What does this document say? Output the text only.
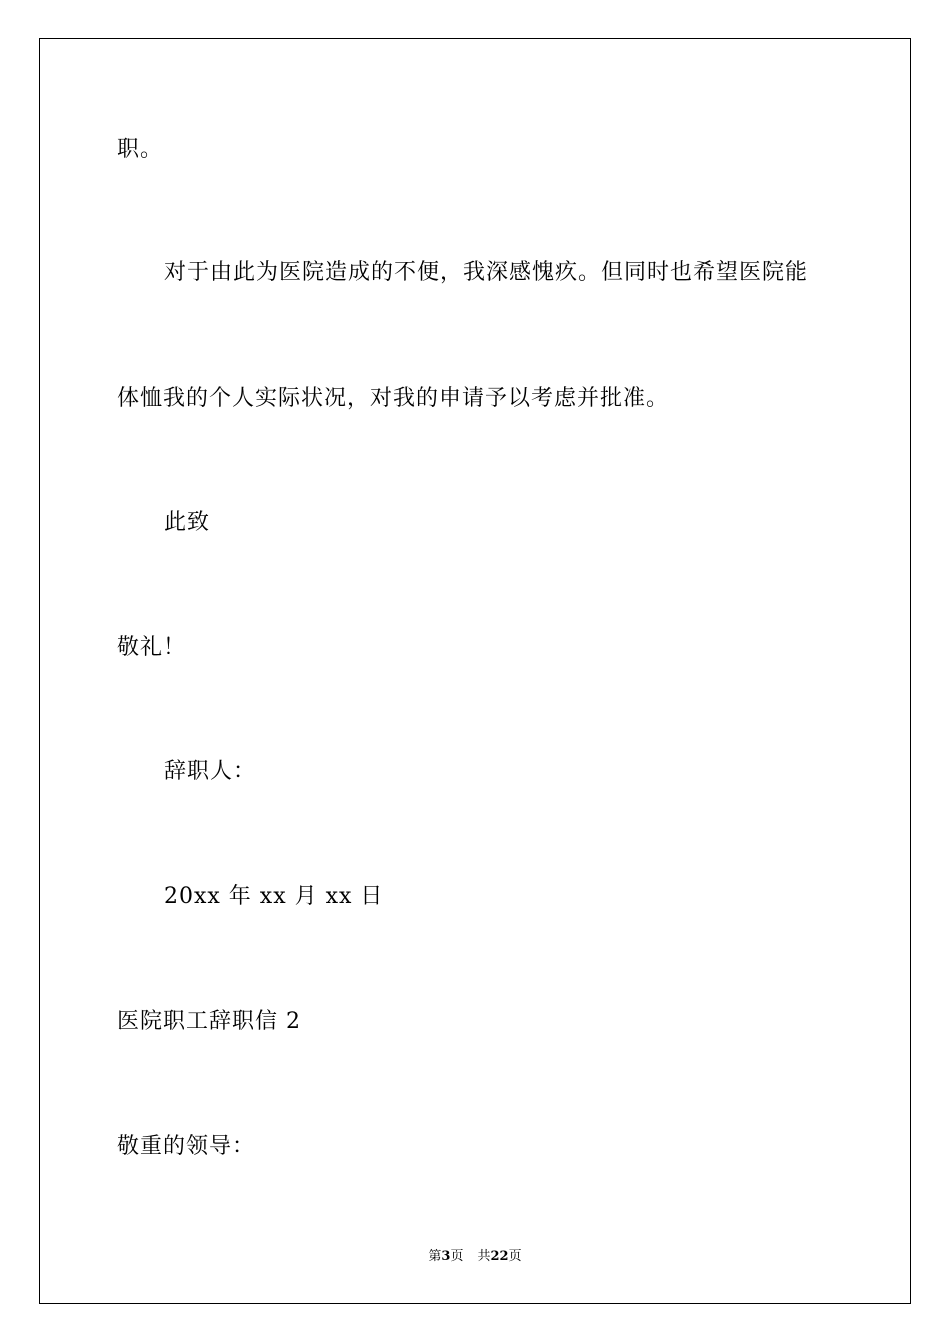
职。
对于由此为医院造成的不便，我深感愧疚。但同时也希望医院能
体恤我的个人实际状况，对我的申请予以考虑并批准。
此致
敬礼！
辞职人：
20xx 年 xx 月 xx 日
医院职工辞职信 2
敬重的领导：
第3页 共22页
